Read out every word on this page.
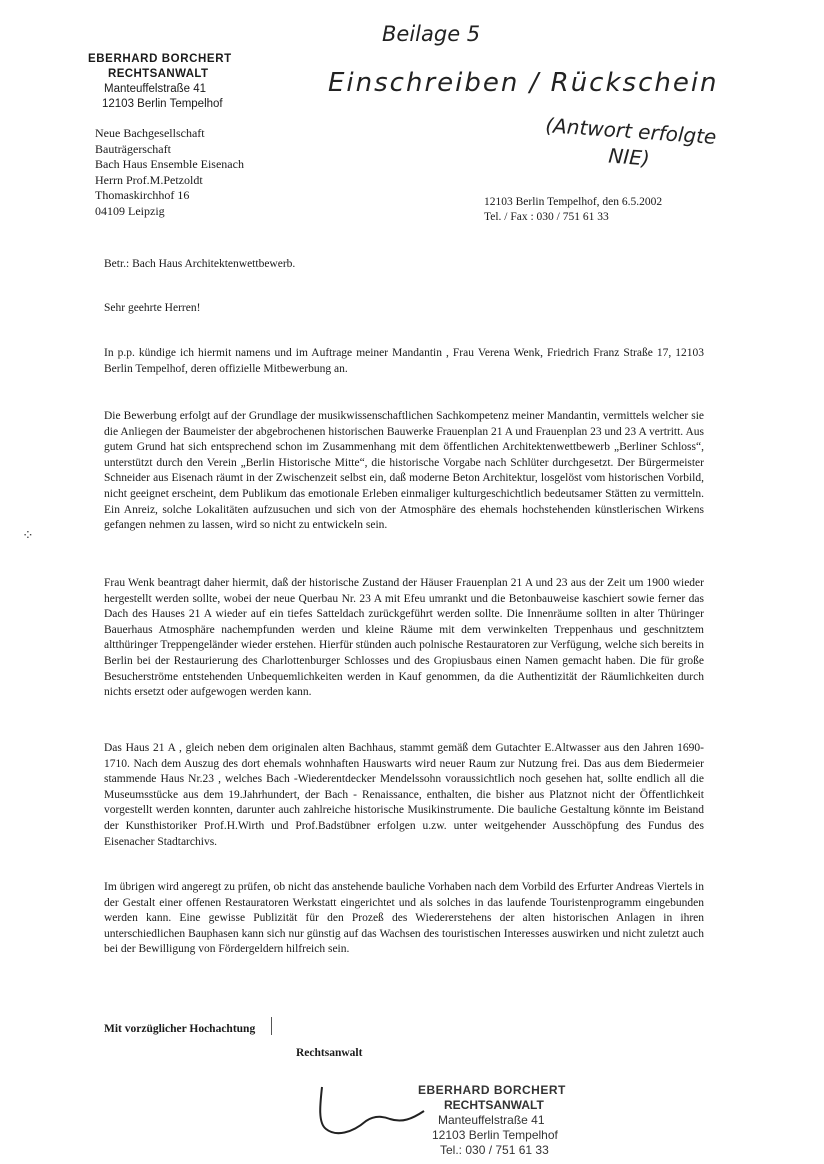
Beilage 5
Einschreiben / Rückschein
(Antwort erfolgte
NIE)
EBERHARD BORCHERT
RECHTSANWALT
Manteuffelstraße 41
12103 Berlin Tempelhof
Neue Bachgesellschaft
Bauträgerschaft
Bach Haus Ensemble Eisenach
Herrn Prof.M.Petzoldt
Thomaskirchhof 16
04109 Leipzig
12103 Berlin Tempelhof, den 6.5.2002
Tel. / Fax : 030 / 751 61 33
Betr.: Bach Haus Architektenwettbewerb.
Sehr geehrte Herren!
In p.p. kündige ich hiermit namens und im Auftrage meiner Mandantin , Frau Verena Wenk, Friedrich Franz Straße 17, 12103 Berlin Tempelhof, deren offizielle Mitbewerbung an.
Die Bewerbung erfolgt auf der Grundlage der musikwissenschaftlichen Sachkompetenz meiner Mandantin, vermittels welcher sie die Anliegen der Baumeister der abgebrochenen historischen Bauwerke Frauenplan 21 A und Frauenplan 23 und 23 A vertritt. Aus gutem Grund hat sich entsprechend schon im Zusammenhang mit dem öffentlichen Architektenwettbewerb „Berliner Schloss“, unterstützt durch den Verein „Berlin Historische Mitte“, die historische Vorgabe nach Schlüter durchgesetzt. Der Bürgermeister Schneider aus Eisenach räumt in der Zwischenzeit selbst ein, daß moderne Beton Architektur, losgelöst vom historischen Vorbild, nicht geeignet erscheint, dem Publikum das emotionale Erleben einmaliger kulturgeschichtlich bedeutsamer Stätten zu vermitteln. Ein Anreiz, solche Lokalitäten aufzusuchen und sich von der Atmosphäre des ehemals hochstehenden künstlerischen Wirkens gefangen nehmen zu lassen, wird so nicht zu entwickeln sein.
Frau Wenk beantragt daher hiermit, daß der historische Zustand der Häuser Frauenplan 21 A und 23 aus der Zeit um 1900 wieder hergestellt werden sollte, wobei der neue Querbau Nr. 23 A mit Efeu umrankt und die Betonbauweise kaschiert sowie ferner das Dach des Hauses 21 A wieder auf ein tiefes Satteldach zurückgeführt werden sollte. Die Innenräume sollten in alter Thüringer Bauerhaus Atmosphäre nachempfunden werden und kleine Räume mit dem verwinkelten Treppenhaus und geschnitztem altthüringer Treppengeländer wieder erstehen. Hierfür stünden auch polnische Restauratoren zur Verfügung, welche sich bereits in Berlin bei der Restaurierung des Charlottenburger Schlosses und des Gropiusbaus einen Namen gemacht haben. Die für große Besucherströme entstehenden Unbequemlichkeiten werden in Kauf genommen, da die Authentizität der Räumlichkeiten durch nichts ersetzt oder aufgewogen werden kann.
Das Haus 21 A , gleich neben dem originalen alten Bachhaus, stammt gemäß dem Gutachter E.Altwasser aus den Jahren 1690-1710. Nach dem Auszug des dort ehemals wohnhaften Hauswarts wird neuer Raum zur Nutzung frei. Das aus dem Biedermeier stammende Haus Nr.23 , welches Bach -Wiederentdecker Mendelssohn voraussichtlich noch gesehen hat, sollte endlich all die Museumsstücke aus dem 19.Jahrhundert, der Bach - Renaissance, enthalten, die bisher aus Platznot nicht der Öffentlichkeit vorgestellt werden konnten, darunter auch zahlreiche historische Musikinstrumente. Die bauliche Gestaltung könnte im Beistand der Kunsthistoriker Prof.H.Wirth und Prof.Badstübner erfolgen u.zw. unter weitgehender Ausschöpfung des Fundus des Eisenacher Stadtarchivs.
Im übrigen wird angeregt zu prüfen, ob nicht das anstehende bauliche Vorhaben nach dem Vorbild des Erfurter Andreas Viertels in der Gestalt einer offenen Restauratoren Werkstatt eingerichtet und als solches in das laufende Touristenprogramm eingebunden werden kann. Eine gewisse Publizität für den Prozeß des Wiedererstehens der alten historischen Anlagen in ihren unterschiedlichen Bauphasen kann sich nur günstig auf das Wachsen des touristischen Interesses auswirken und nicht zuletzt auch bei der Bewilligung von Fördergeldern hilfreich sein.
⁘
Mit vorzüglicher Hochachtung
Rechtsanwalt
EBERHARD BORCHERT
RECHTSANWALT
Manteuffelstraße 41
12103 Berlin Tempelhof
Tel.: 030 / 751 61 33
